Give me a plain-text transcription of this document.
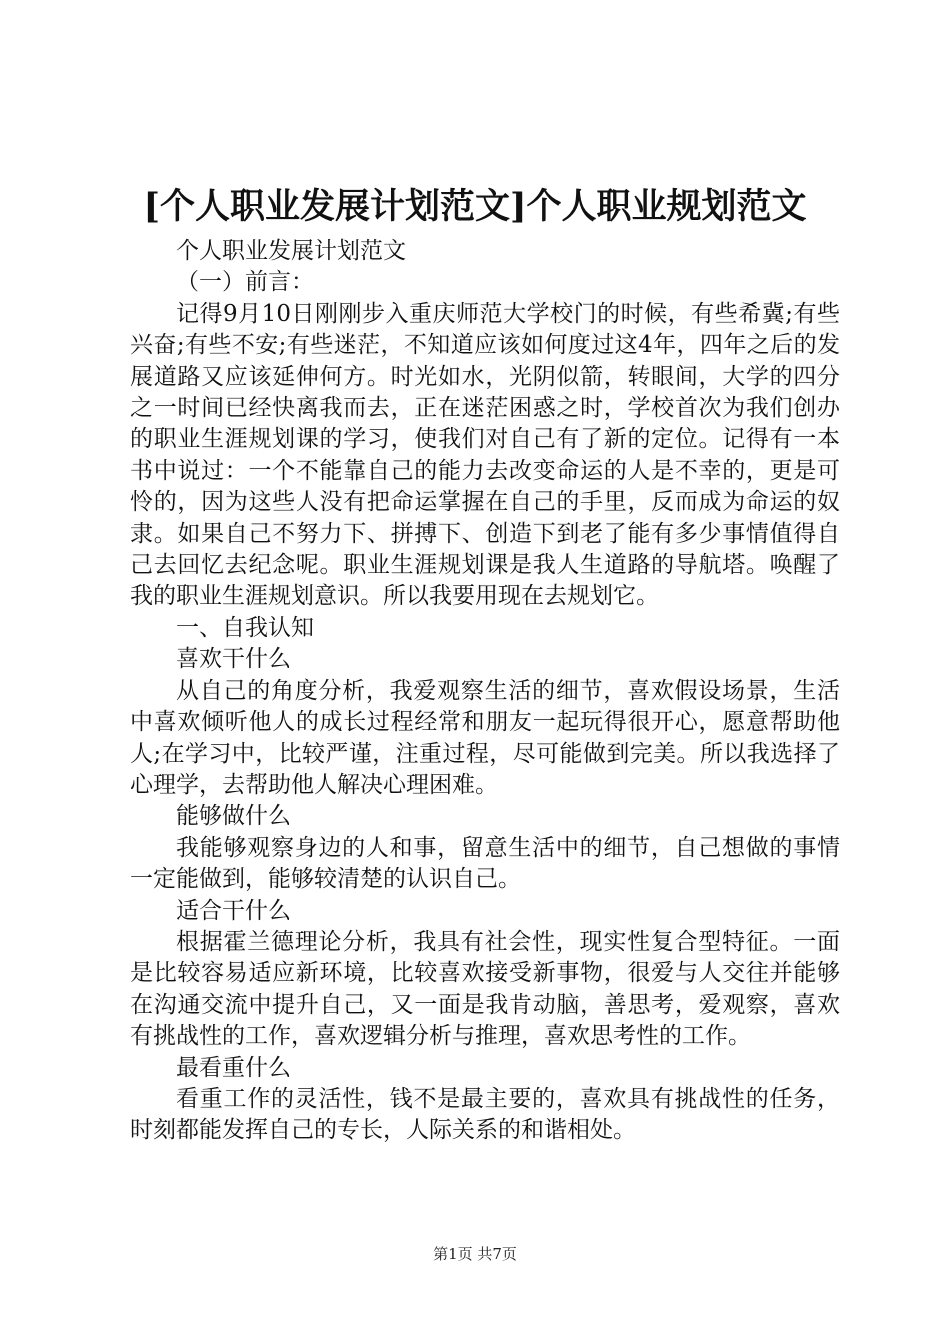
[个人职业发展计划范文]个人职业规划范文

个人职业发展计划范文

（一）前言：

记得9月10日刚刚步入重庆师范大学校门的时候，有些希冀;有些兴奋;有些不安;有些迷茫，不知道应该如何度过这4年，四年之后的发展道路又应该延伸何方。时光如水，光阴似箭，转眼间，大学的四分之一时间已经快离我而去，正在迷茫困惑之时，学校首次为我们创办的职业生涯规划课的学习，使我们对自己有了新的定位。记得有一本书中说过：一个不能靠自己的能力去改变命运的人是不幸的，更是可怜的，因为这些人没有把命运掌握在自己的手里，反而成为命运的奴隶。如果自己不努力下、拼搏下、创造下到老了能有多少事情值得自己去回忆去纪念呢。职业生涯规划课是我人生道路的导航塔。唤醒了我的职业生涯规划意识。所以我要用现在去规划它。

一、自我认知

喜欢干什么

从自己的角度分析，我爱观察生活的细节，喜欢假设场景，生活中喜欢倾听他人的成长过程经常和朋友一起玩得很开心，愿意帮助他人;在学习中，比较严谨，注重过程，尽可能做到完美。所以我选择了心理学，去帮助他人解决心理困难。

能够做什么

我能够观察身边的人和事，留意生活中的细节，自己想做的事情一定能做到，能够较清楚的认识自己。

适合干什么

根据霍兰德理论分析，我具有社会性，现实性复合型特征。一面是比较容易适应新环境，比较喜欢接受新事物，很爱与人交往并能够在沟通交流中提升自己，又一面是我肯动脑，善思考，爱观察，喜欢有挑战性的工作，喜欢逻辑分析与推理，喜欢思考性的工作。

最看重什么

看重工作的灵活性，钱不是最主要的，喜欢具有挑战性的任务，时刻都能发挥自己的专长，人际关系的和谐相处。

第1页 共7页
